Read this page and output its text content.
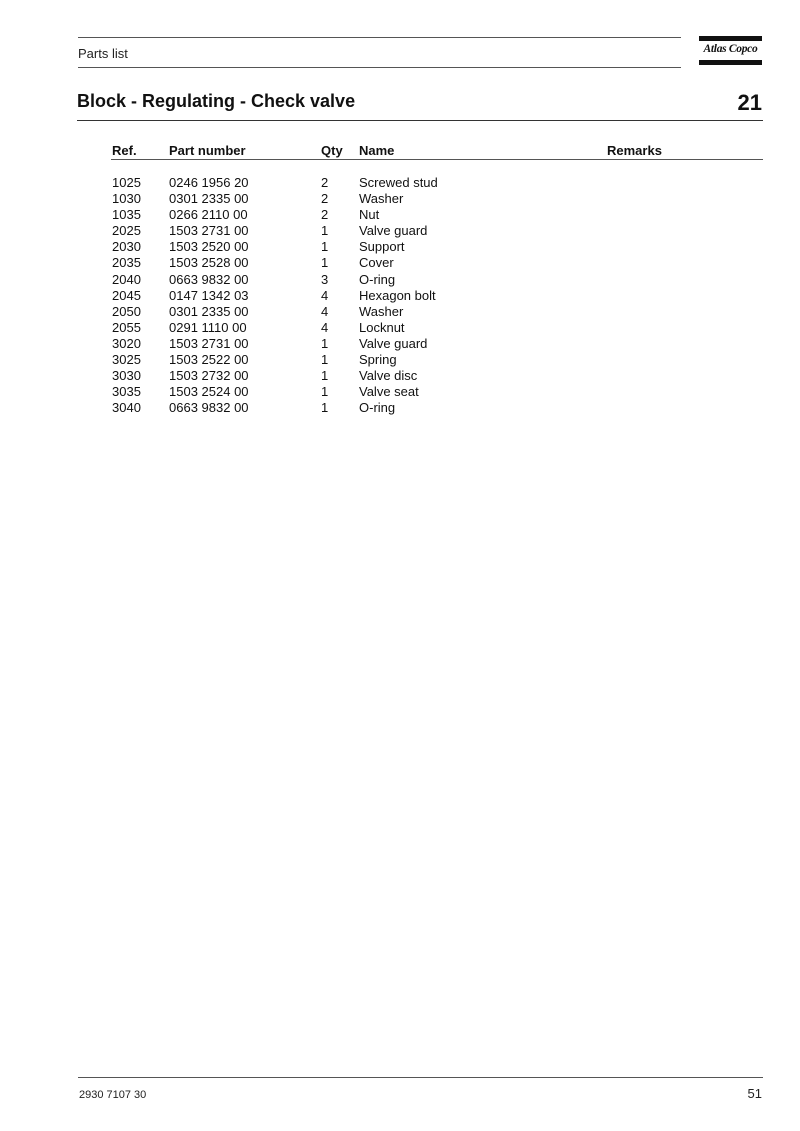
Parts list	Atlas Copco
Block - Regulating - Check valve	21
Ref. Part number	Qty Name	Remarks
1025 0246 1956 20	2 Screwed stud
1030 0301 2335 00	2 Washer
1035 0266 2110 00	2 Nut
2025 1503 2731 00	1 Valve guard
2030 1503 2520 00	1 Support
2035 1503 2528 00	1 Cover
2040 0663 9832 00	3 O-ring
2045 0147 1342 03	4 Hexagon bolt
2050 0301 2335 00	4 Washer
2055 0291 1110 00	4 Locknut
3020 1503 2731 00	1 Valve guard
3025 1503 2522 00	1 Spring
3030 1503 2732 00	1 Valve disc
3035 1503 2524 00	1 Valve seat
3040 0663 9832 00	1 O-ring
2930 7107 30	51
